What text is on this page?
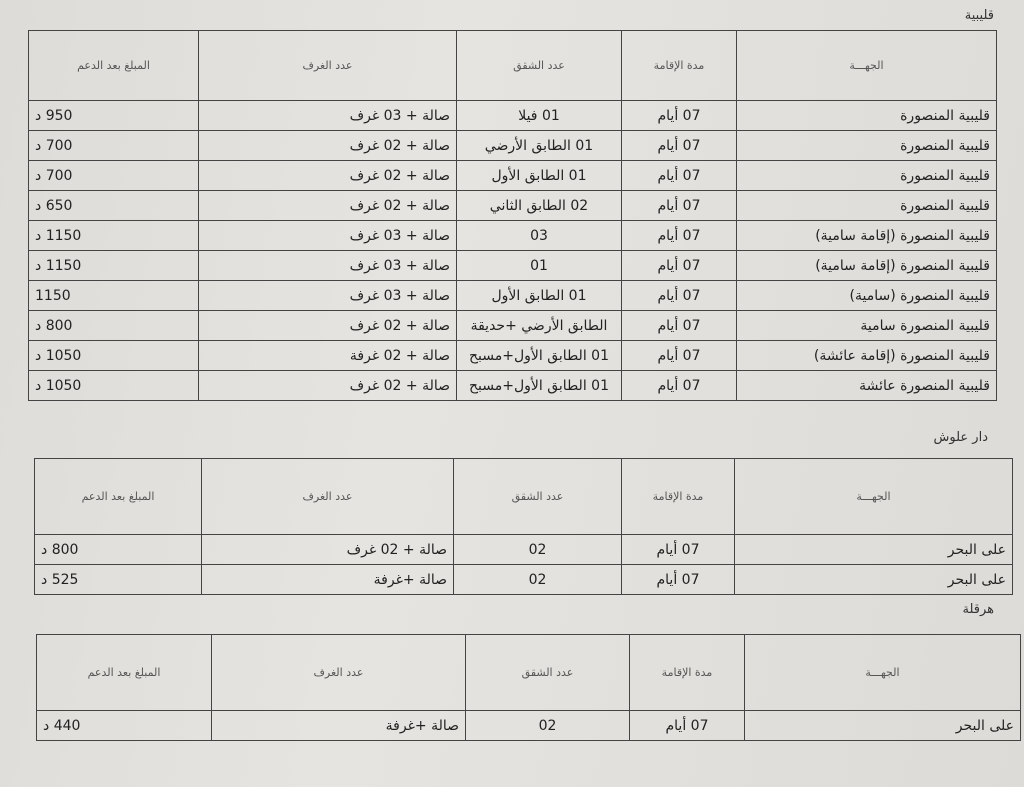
قليبية
الجهـــة	مدة الإقامة	عدد الشقق	عدد الغرف	المبلغ بعد الدعم
قليبية المنصورة	07 أيام	01 فيلا	صالة + 03 غرف	950 د
قليبية المنصورة	07 أيام	01 الطابق الأرضي	صالة + 02 غرف	700 د
قليبية المنصورة	07 أيام	01 الطابق الأول	صالة + 02 غرف	700 د
قليبية المنصورة	07 أيام	02 الطابق الثاني	صالة + 02 غرف	650 د
قليبية المنصورة (إقامة سامية)	07 أيام	03	صالة + 03 غرف	1150 د
قليبية المنصورة (إقامة سامية)	07 أيام	01	صالة + 03 غرف	1150 د
قليبية المنصورة (سامية)	07 أيام	01 الطابق الأول	صالة + 03 غرف	1150
قليبية المنصورة سامية	07 أيام	الطابق الأرضي +حديقة	صالة + 02 غرف	800 د
قليبية المنصورة (إقامة عائشة)	07 أيام	01 الطابق الأول+مسبح	صالة + 02 غرفة	1050 د
قليبية المنصورة عائشة	07 أيام	01 الطابق الأول+مسبح	صالة + 02 غرف	1050 د
دار علوش
الجهـــة	مدة الإقامة	عدد الشقق	عدد الغرف	المبلغ بعد الدعم
على البحر	07 أيام	02	صالة + 02 غرف	800 د
على البحر	07 أيام	02	صالة +غرفة	525 د
هرقلة
الجهـــة	مدة الإقامة	عدد الشقق	عدد الغرف	المبلغ بعد الدعم
على البحر	07 أيام	02	صالة +غرفة	440 د
